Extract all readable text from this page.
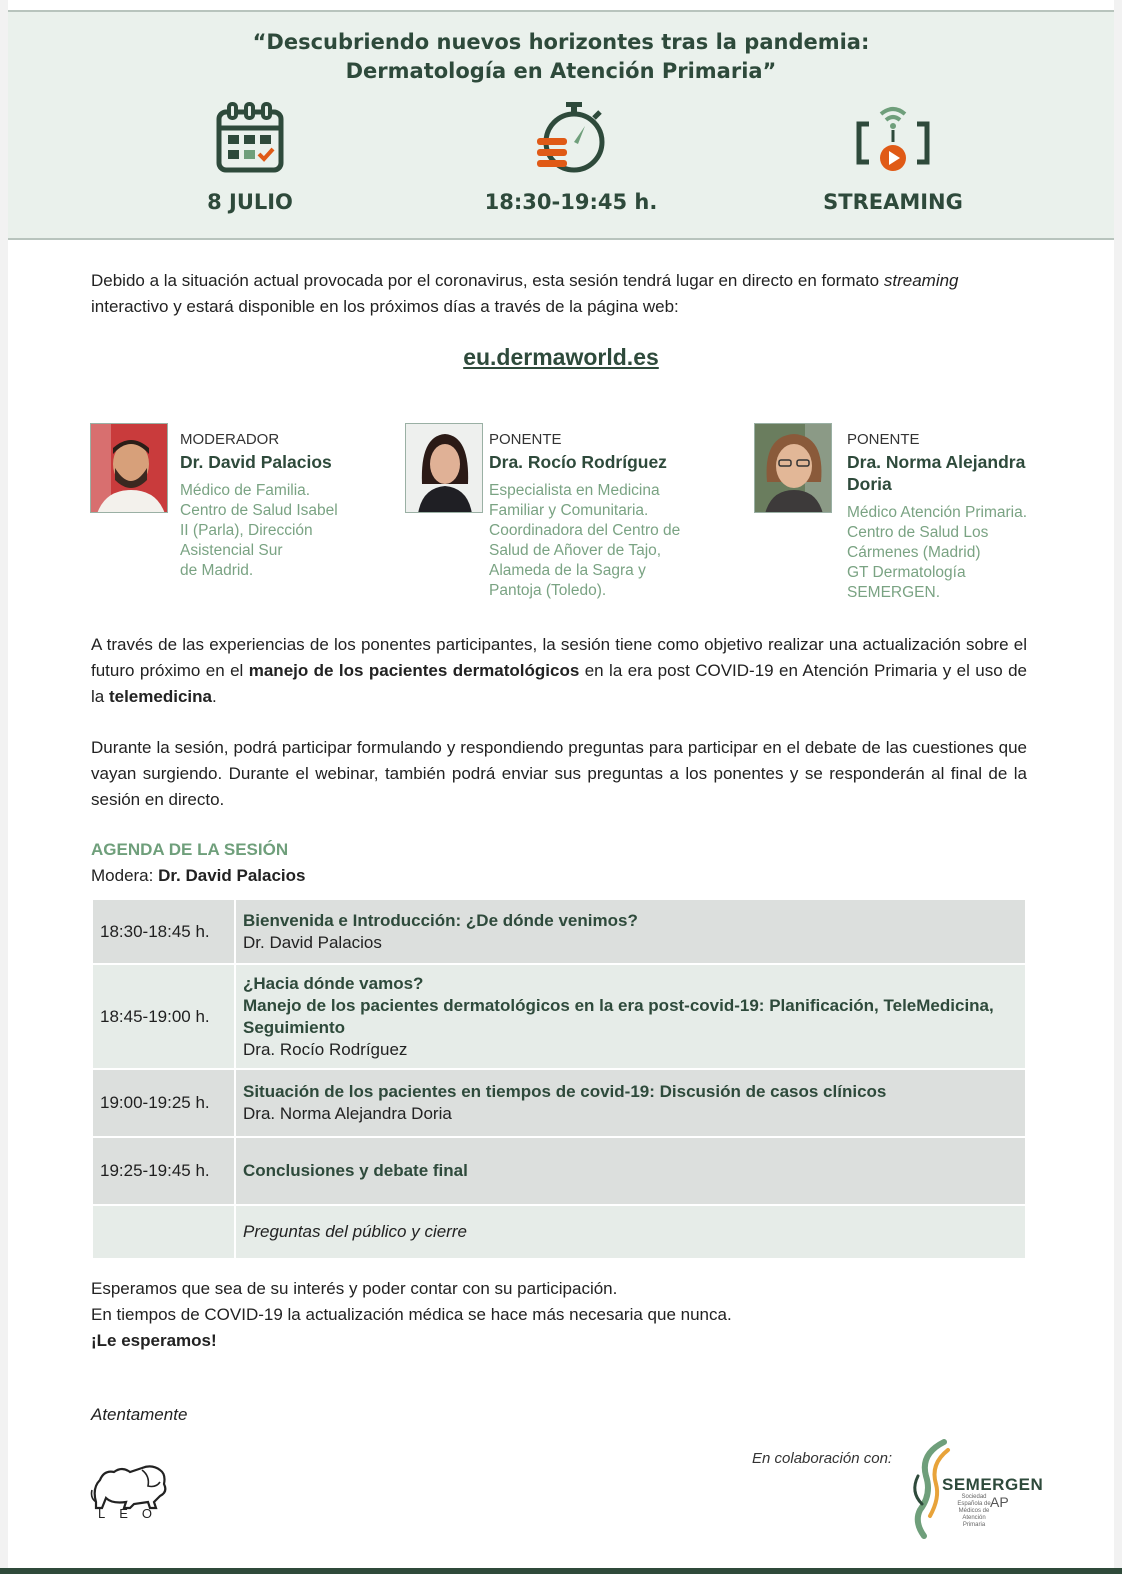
“Descubriendo nuevos horizontes tras la pandemia:
Dermatología en Atención Primaria”
8 JULIO	18:30-19:45 h.	STREAMING
Debido a la situación actual provocada por el coronavirus, esta sesión tendrá lugar en directo en formato streaming interactivo y estará disponible en los próximos días a través de la página web:
eu.dermaworld.es
MODERADOR
Dr. David Palacios
Médico de Familia.
Centro de Salud Isabel
II (Parla), Dirección
Asistencial Sur
de Madrid.
PONENTE
Dra. Rocío Rodríguez
Especialista en Medicina
Familiar y Comunitaria.
Coordinadora del Centro de
Salud de Añover de Tajo,
Alameda de la Sagra y
Pantoja (Toledo).
PONENTE
Dra. Norma Alejandra
Doria
Médico Atención Primaria.
Centro de Salud Los
Cármenes (Madrid)
GT Dermatología
SEMERGEN.
A través de las experiencias de los ponentes participantes, la sesión tiene como objetivo realizar una actualización sobre el futuro próximo en el manejo de los pacientes dermatológicos en la era post COVID-19 en Atención Primaria y el uso de la telemedicina.
Durante la sesión, podrá participar formulando y respondiendo preguntas para participar en el debate de las cuestiones que vayan surgiendo. Durante el webinar, también podrá enviar sus preguntas a los ponentes y se responderán al final de la sesión en directo.
AGENDA DE LA SESIÓN
Modera: Dr. David Palacios
18:30-18:45 h.	Bienvenida e Introducción: ¿De dónde venimos?
Dr. David Palacios

18:45-19:00 h.	¿Hacia dónde vamos?
Manejo de los pacientes dermatológicos en la era post-covid-19: Planificación, TeleMedicina, Seguimiento
Dra. Rocío Rodríguez

19:00-19:25 h.	Situación de los pacientes en tiempos de covid-19: Discusión de casos clínicos
Dra. Norma Alejandra Doria

19:25-19:45 h.	Conclusiones y debate final

	Preguntas del público y cierre
Esperamos que sea de su interés y poder contar con su participación.
En tiempos de COVID-19 la actualización médica se hace más necesaria que nunca.
¡Le esperamos!
Atentamente
LEO
En colaboración con:
SEMERGEN
AP
Sociedad Española de Médicos de Atención Primaria
